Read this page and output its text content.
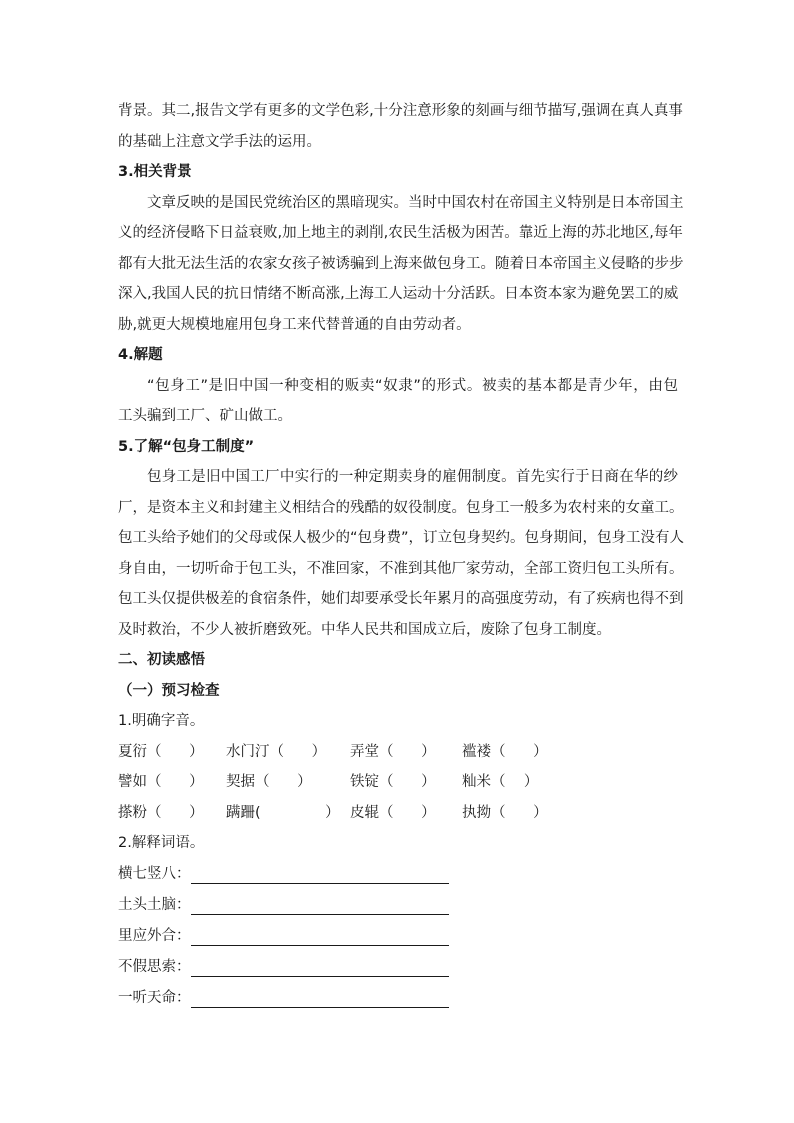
背景。其二,报告文学有更多的文学色彩,十分注意形象的刻画与细节描写,强调在真人真事
的基础上注意文学手法的运用。
3.相关背景
文章反映的是国民党统治区的黑暗现实。当时中国农村在帝国主义特别是日本帝国主
义的经济侵略下日益衰败,加上地主的剥削,农民生活极为困苦。靠近上海的苏北地区,每年
都有大批无法生活的农家女孩子被诱骗到上海来做包身工。随着日本帝国主义侵略的步步
深入,我国人民的抗日情绪不断高涨,上海工人运动十分活跃。日本资本家为避免罢工的威
胁,就更大规模地雇用包身工来代替普通的自由劳动者。
4.解题
“包身工”是旧中国一种变相的贩卖“奴隶”的形式。被卖的基本都是青少年，由包
工头骗到工厂、矿山做工。
5.了解“包身工制度”
包身工是旧中国工厂中实行的一种定期卖身的雇佣制度。首先实行于日商在华的纱
厂，是资本主义和封建主义相结合的残酷的奴役制度。包身工一般多为农村来的女童工。
包工头给予她们的父母或保人极少的“包身费”，订立包身契约。包身期间，包身工没有人
身自由，一切听命于包工头，不准回家，不准到其他厂家劳动，全部工资归包工头所有。
包工头仅提供极差的食宿条件，她们却要承受长年累月的高强度劳动，有了疾病也得不到
及时救治，不少人被折磨致死。中华人民共和国成立后，废除了包身工制度。
二、初读感悟
（一）预习检查
1.明确字音。
夏衍（      ） 水门汀（      ） 弄堂（      ） 褴褛（      ）
譬如（      ） 契据（      ）	铁锭（      ） 籼米（    ）
搽粉（      ） 蹒跚(              ） 皮辊（      ） 执拗（      ）
2.解释词语。
横七竖八：
土头土脑：
里应外合：
不假思索：
一听天命：
